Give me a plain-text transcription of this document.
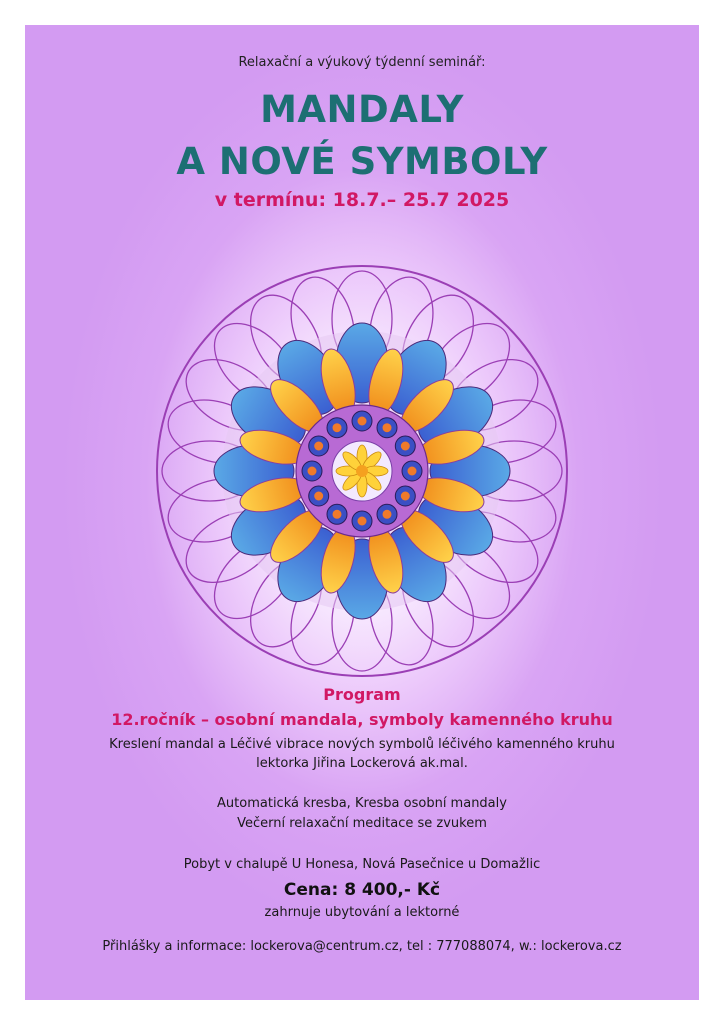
Relaxační a výukový týdenní seminář:
MANDALY
A NOVÉ SYMBOLY
v termínu: 18.7.– 25.7 2025
Program
12.ročník – osobní mandala, symboly kamenného kruhu
Kreslení mandal a Léčivé vibrace nových symbolů léčivého kamenného kruhu
lektorka Jiřina Lockerová ak.mal.
Automatická kresba, Kresba osobní mandaly
Večerní relaxační meditace se zvukem
Pobyt v chalupě U Honesa, Nová Pasečnice u Domažlic
Cena: 8 400,- Kč
zahrnuje ubytování a lektorné
Přihlášky a informace: lockerova@centrum.cz, tel : 777088074, w.: lockerova.cz
